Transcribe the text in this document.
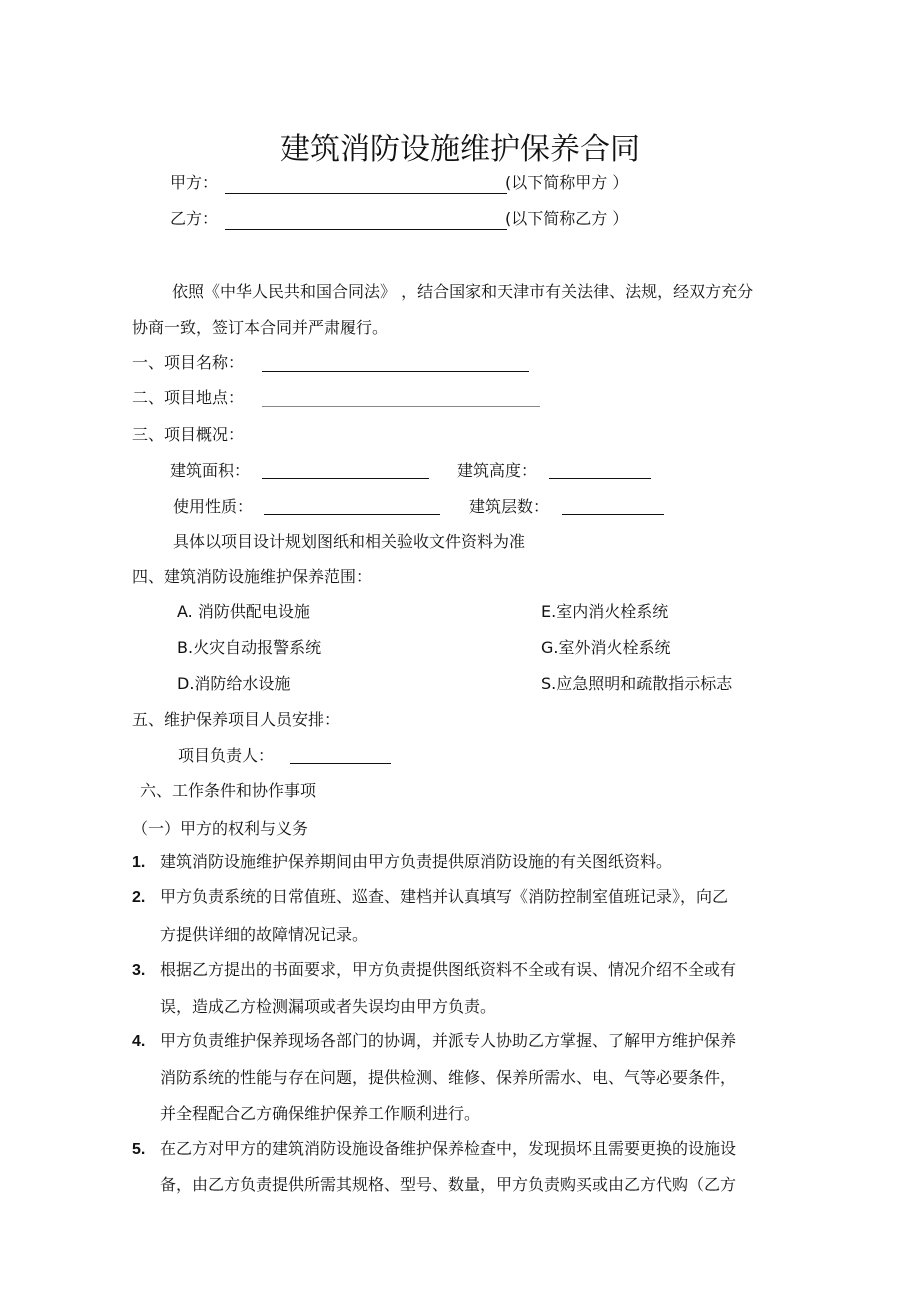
建筑消防设施维护保养合同
甲方：	(以下简称甲方 ）
乙方：	(以下简称乙方 ）
依照《中华人民共和国合同法》 ，结合国家和天津市有关法律、法规，经双方充分
协商一致，签订本合同并严肃履行。
一、项目名称：
二、项目地点：
三、项目概况：
建筑面积：	建筑高度：
使用性质：	建筑层数：
具体以项目设计规划图纸和相关验收文件资料为准
四、建筑消防设施维护保养范围：
A. 消防供配电设施	E.室内消火栓系统
B.火灾自动报警系统	G.室外消火栓系统
D.消防给水设施	S.应急照明和疏散指示标志
五、维护保养项目人员安排：
项目负责人：
六、工作条件和协作事项
（一）甲方的权利与义务
1. 建筑消防设施维护保养期间由甲方负责提供原消防设施的有关图纸资料。
2. 甲方负责系统的日常值班、巡查、建档并认真填写《消防控制室值班记录》，向乙
方提供详细的故障情况记录。
3. 根据乙方提出的书面要求，甲方负责提供图纸资料不全或有误、情况介绍不全或有
误，造成乙方检测漏项或者失误均由甲方负责。
4. 甲方负责维护保养现场各部门的协调，并派专人协助乙方掌握、了解甲方维护保养
消防系统的性能与存在问题，提供检测、维修、保养所需水、电、气等必要条件，
并全程配合乙方确保维护保养工作顺利进行。
5. 在乙方对甲方的建筑消防设施设备维护保养检查中，发现损坏且需要更换的设施设
备，由乙方负责提供所需其规格、型号、数量，甲方负责购买或由乙方代购（乙方
